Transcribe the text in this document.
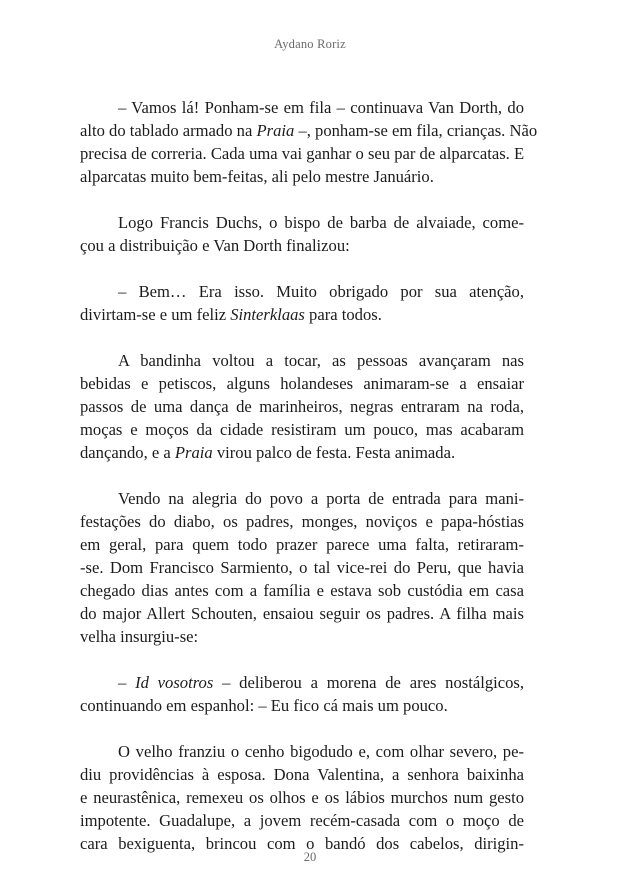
Aydano Roriz

– Vamos lá! Ponham-se em fila – continuava Van Dorth, do
alto do tablado armado na Praia –, ponham-se em fila, crianças. Não
precisa de correria. Cada uma vai ganhar o seu par de alparcatas. E
alparcatas muito bem-feitas, ali pelo mestre Januário.

Logo Francis Duchs, o bispo de barba de alvaiade, come-
çou a distribuição e Van Dorth finalizou:

– Bem… Era isso. Muito obrigado por sua atenção,
divirtam-se e um feliz Sinterklaas para todos.

A bandinha voltou a tocar, as pessoas avançaram nas
bebidas e petiscos, alguns holandeses animaram-se a ensaiar
passos de uma dança de marinheiros, negras entraram na roda,
moças e moços da cidade resistiram um pouco, mas acabaram
dançando, e a Praia virou palco de festa. Festa animada.

Vendo na alegria do povo a porta de entrada para mani-
festações do diabo, os padres, monges, noviços e papa-hóstias
em geral, para quem todo prazer parece uma falta, retiraram-
-se. Dom Francisco Sarmiento, o tal vice-rei do Peru, que havia
chegado dias antes com a família e estava sob custódia em casa
do major Allert Schouten, ensaiou seguir os padres. A filha mais
velha insurgiu-se:

– Id vosotros – deliberou a morena de ares nostálgicos,
continuando em espanhol: – Eu fico cá mais um pouco.

O velho franziu o cenho bigodudo e, com olhar severo, pe-
diu providências à esposa. Dona Valentina, a senhora baixinha
e neurastênica, remexeu os olhos e os lábios murchos num gesto
impotente. Guadalupe, a jovem recém-casada com o moço de
cara bexiguenta, brincou com o bandó dos cabelos, dirigin-

20
